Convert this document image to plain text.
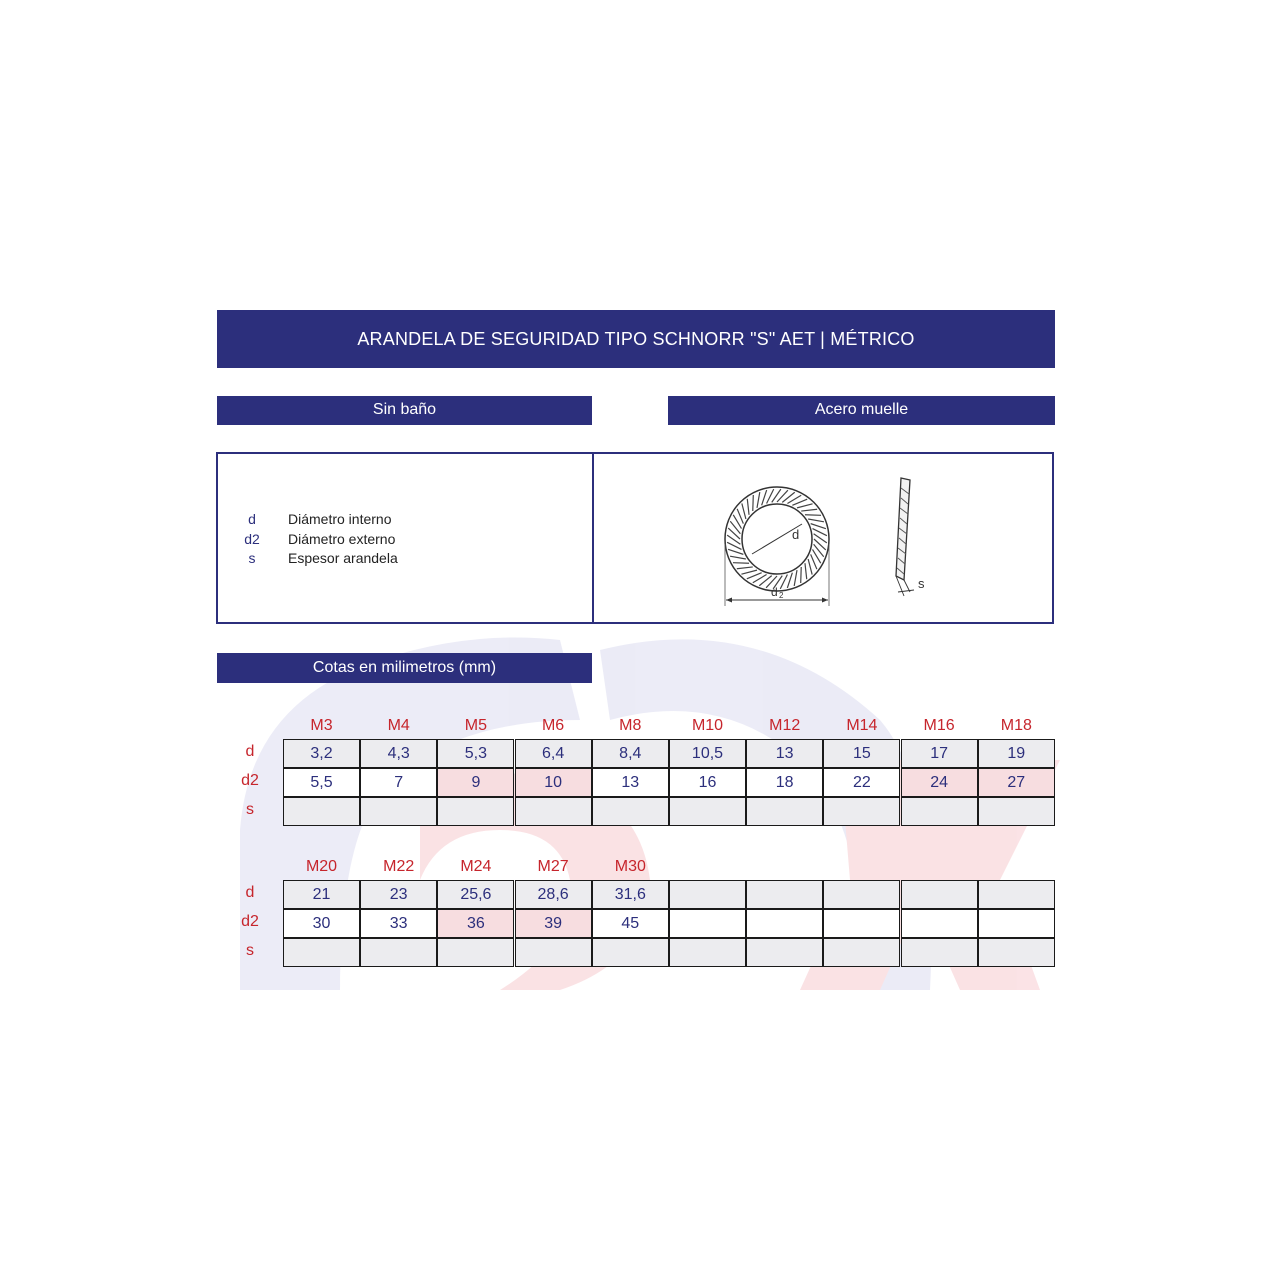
ARANDELA DE SEGURIDAD TIPO SCHNORR "S" AET | MÉTRICO
Sin baño	Acero muelle
d	Diámetro interno
d2	Diámetro externo
s	Espesor arandela
d
d 2
s
Cotas en milimetros (mm)
M3	M4	M5	M6	M8	M10	M12	M14	M16	M18
d	3,2	4,3	5,3	6,4	8,4	10,5	13	15	17	19
d2	5,5	7	9	10	13	16	18	22	24	27
s
M20	M22	M24	M27	M30
d	21	23	25,6	28,6	31,6
d2	30	33	36	39	45
s
